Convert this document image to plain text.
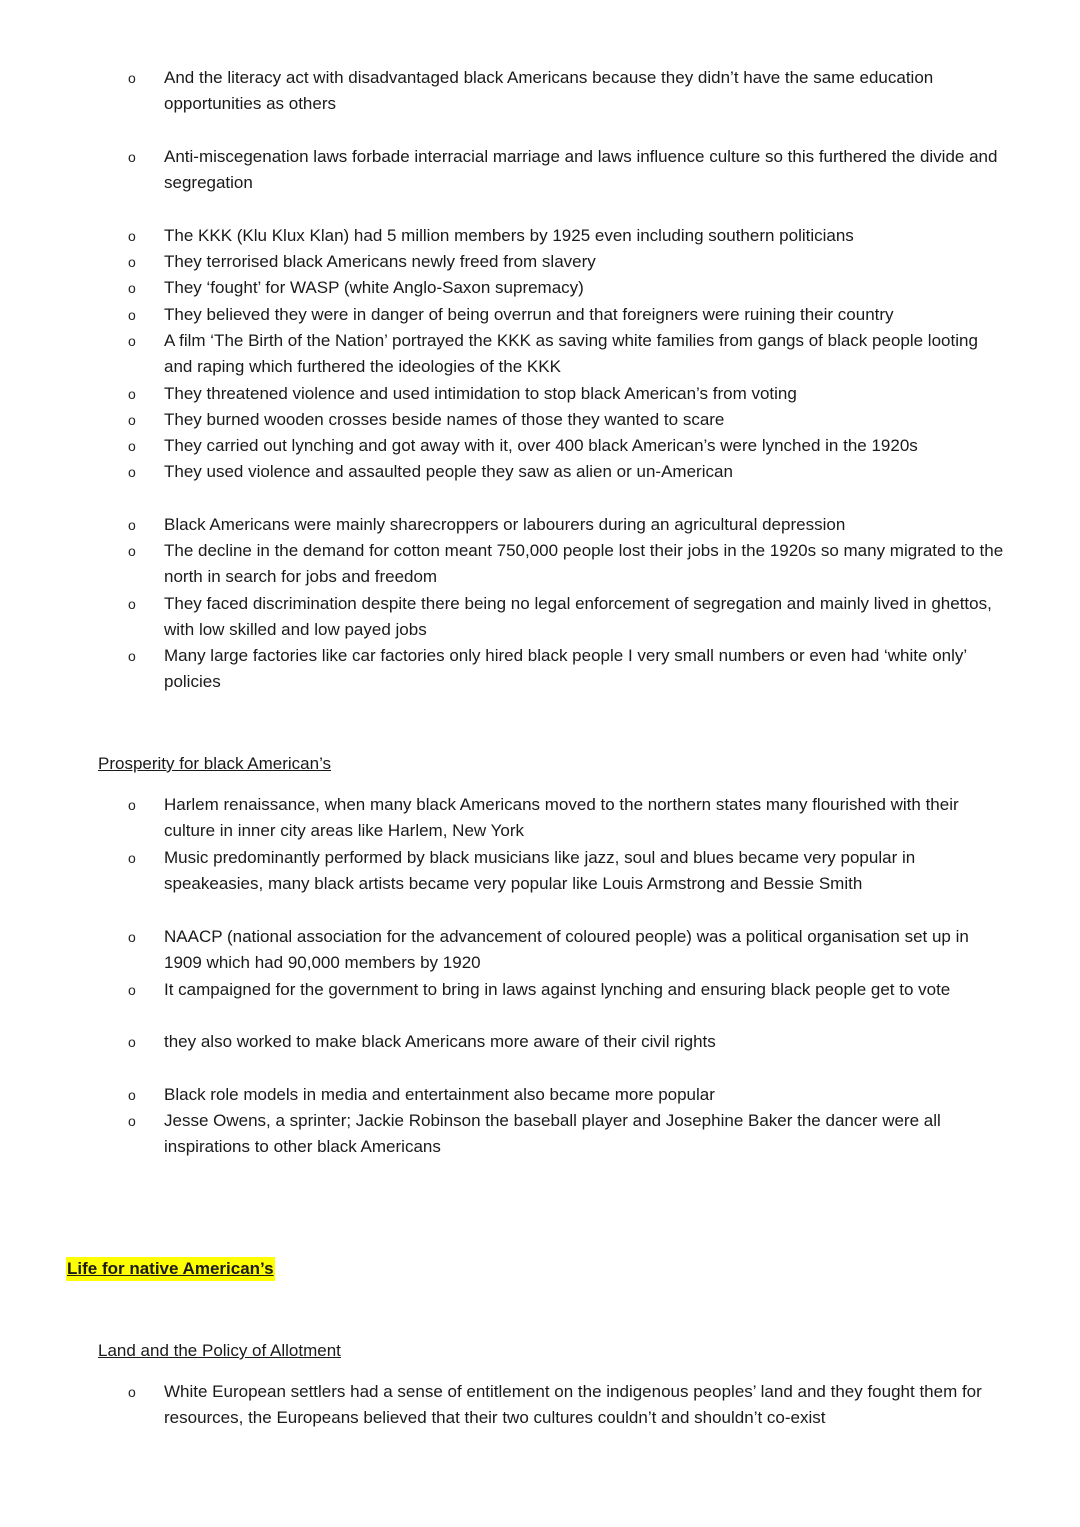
o	And the literacy act with disadvantaged black Americans because they didn’t have the same education opportunities as others
o	Anti-miscegenation laws forbade interracial marriage and laws influence culture so this furthered the divide and segregation
o	The KKK (Klu Klux Klan) had 5 million members by 1925 even including southern politicians
o	They terrorised black Americans newly freed from slavery
o	They ‘fought’ for WASP (white Anglo-Saxon supremacy)
o	They believed they were in danger of being overrun and that foreigners were ruining their country
o	A film ‘The Birth of the Nation’ portrayed the KKK as saving white families from gangs of black people looting and raping which furthered the ideologies of the KKK
o	They threatened violence and used intimidation to stop black American’s from voting
o	They burned wooden crosses beside names of those they wanted to scare
o	They carried out lynching and got away with it, over 400 black American’s were lynched in the 1920s
o	They used violence and assaulted people they saw as alien or un-American
o	Black Americans were mainly sharecroppers or labourers during an agricultural depression
o	The decline in the demand for cotton meant 750,000 people lost their jobs in the 1920s so many migrated to the north in search for jobs and freedom
o	They faced discrimination despite there being no legal enforcement of segregation and mainly lived in ghettos, with low skilled and low payed jobs
o	Many large factories like car factories only hired black people I very small numbers or even had ‘white only’ policies
Prosperity for black American’s
o	Harlem renaissance, when many black Americans moved to the northern states many flourished with their culture in inner city areas like Harlem, New York
o	Music predominantly performed by black musicians like jazz, soul and blues became very popular in speakeasies, many black artists became very popular like Louis Armstrong and Bessie Smith
o	NAACP (national association for the advancement of coloured people) was a political organisation set up in 1909 which had 90,000 members by 1920
o	It campaigned for the government to bring in laws against lynching and ensuring black people get to vote
o	they also worked to make black Americans more aware of their civil rights
o	Black role models in media and entertainment also became more popular
o	Jesse Owens, a sprinter; Jackie Robinson the baseball player and Josephine Baker the dancer were all inspirations to other black Americans
Life for native American’s
Land and the Policy of Allotment
o	White European settlers had a sense of entitlement on the indigenous peoples’ land and they fought them for resources, the Europeans believed that their two cultures couldn’t and shouldn’t co-exist
